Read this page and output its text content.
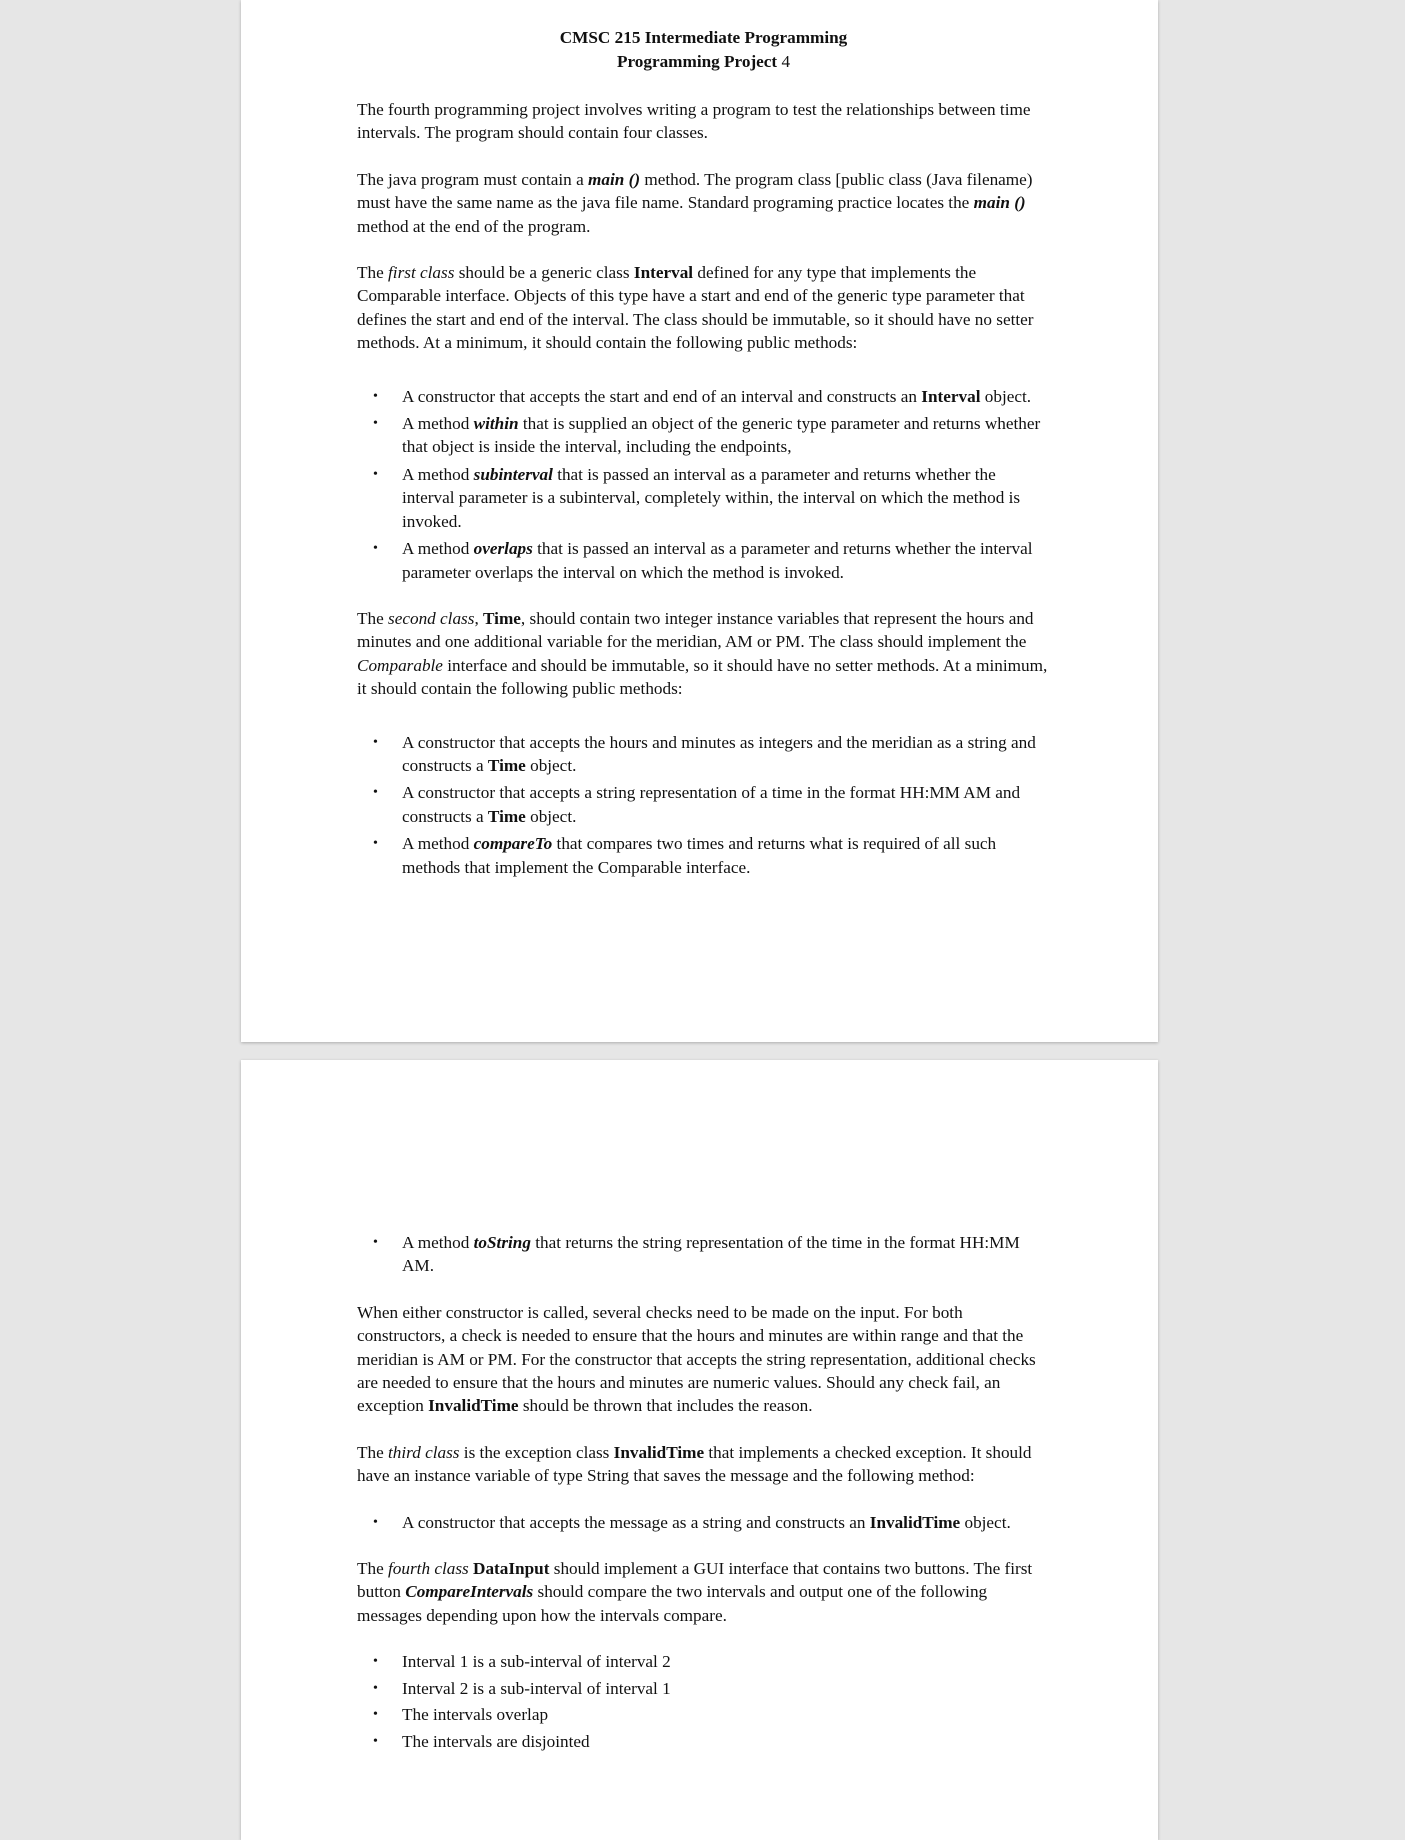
CMSC 215 Intermediate Programming
Programming Project 4

The fourth programming project involves writing a program to test the relationships between time intervals. The program should contain four classes.

The java program must contain a main () method. The program class [public class (Java filename) must have the same name as the java file name. Standard programing practice locates the main () method at the end of the program.

The first class should be a generic class Interval defined for any type that implements the Comparable interface. Objects of this type have a start and end of the generic type parameter that defines the start and end of the interval. The class should be immutable, so it should have no setter methods. At a minimum, it should contain the following public methods:

• A constructor that accepts the start and end of an interval and constructs an Interval object.
• A method within that is supplied an object of the generic type parameter and returns whether that object is inside the interval, including the endpoints,
• A method subinterval that is passed an interval as a parameter and returns whether the interval parameter is a subinterval, completely within, the interval on which the method is invoked.
• A method overlaps that is passed an interval as a parameter and returns whether the interval parameter overlaps the interval on which the method is invoked.

The second class, Time, should contain two integer instance variables that represent the hours and minutes and one additional variable for the meridian, AM or PM. The class should implement the Comparable interface and should be immutable, so it should have no setter methods. At a minimum, it should contain the following public methods:

• A constructor that accepts the hours and minutes as integers and the meridian as a string and constructs a Time object.
• A constructor that accepts a string representation of a time in the format HH:MM AM and constructs a Time object.
• A method compareTo that compares two times and returns what is required of all such methods that implement the Comparable interface.
• A method toString that returns the string representation of the time in the format HH:MM AM.

When either constructor is called, several checks need to be made on the input. For both constructors, a check is needed to ensure that the hours and minutes are within range and that the meridian is AM or PM. For the constructor that accepts the string representation, additional checks are needed to ensure that the hours and minutes are numeric values. Should any check fail, an exception InvalidTime should be thrown that includes the reason.

The third class is the exception class InvalidTime that implements a checked exception. It should have an instance variable of type String that saves the message and the following method:

• A constructor that accepts the message as a string and constructs an InvalidTime object.

The fourth class DataInput should implement a GUI interface that contains two buttons. The first button CompareIntervals should compare the two intervals and output one of the following messages depending upon how the intervals compare.

• Interval 1 is a sub-interval of interval 2
• Interval 2 is a sub-interval of interval 1
• The intervals overlap
• The intervals are disjointed
